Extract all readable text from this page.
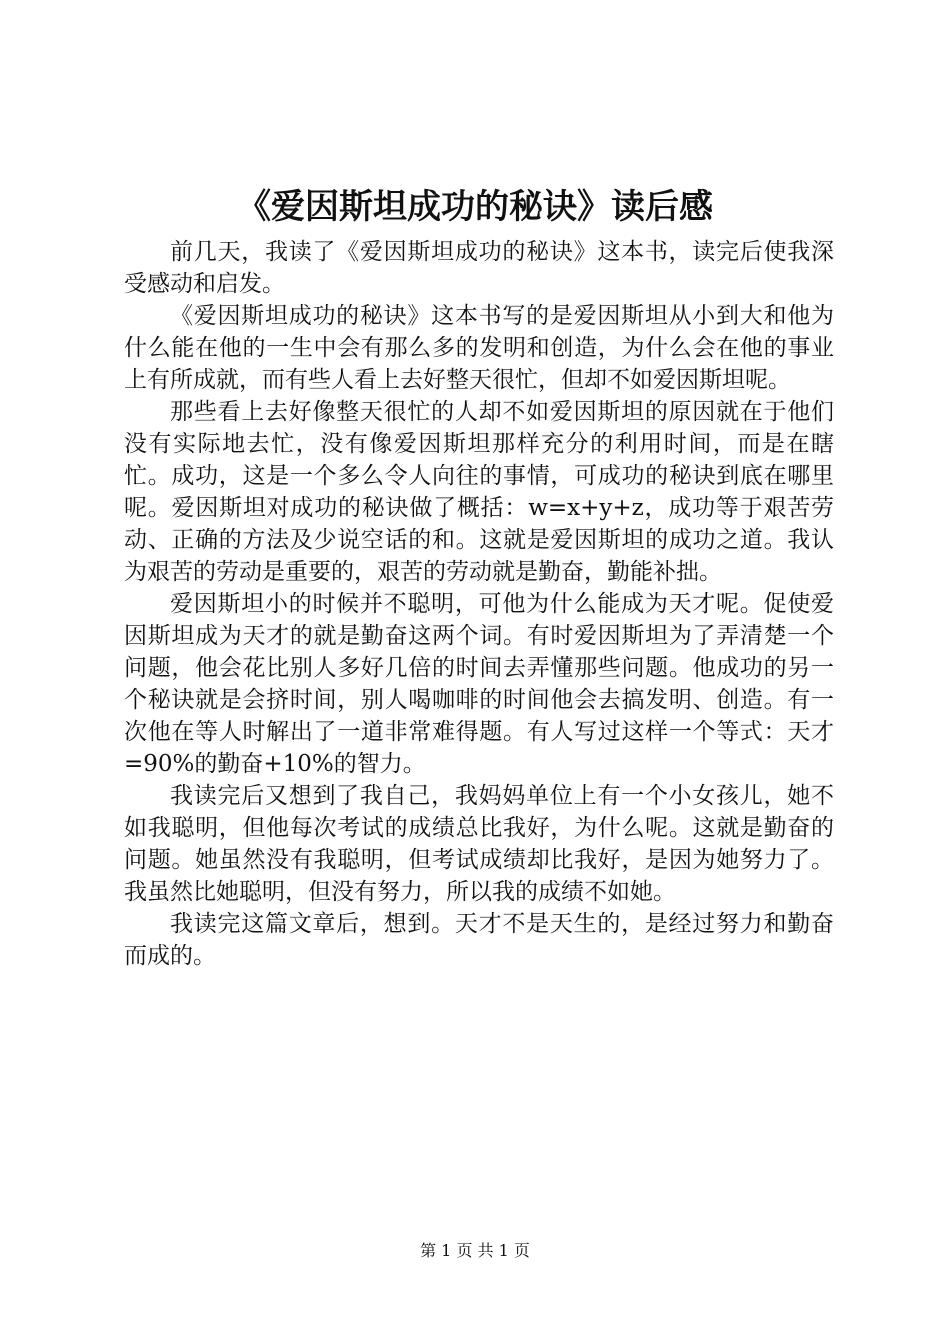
《爱因斯坦成功的秘诀》读后感

前几天，我读了《爱因斯坦成功的秘诀》这本书，读完后使我深受感动和启发。

《爱因斯坦成功的秘诀》这本书写的是爱因斯坦从小到大和他为什么能在他的一生中会有那么多的发明和创造，为什么会在他的事业上有所成就，而有些人看上去好整天很忙，但却不如爱因斯坦呢。

那些看上去好像整天很忙的人却不如爱因斯坦的原因就在于他们没有实际地去忙，没有像爱因斯坦那样充分的利用时间，而是在瞎忙。成功，这是一个多么令人向往的事情，可成功的秘诀到底在哪里呢。爱因斯坦对成功的秘诀做了概括：w=x+y+z，成功等于艰苦劳动、正确的方法及少说空话的和。这就是爱因斯坦的成功之道。我认为艰苦的劳动是重要的，艰苦的劳动就是勤奋，勤能补拙。

爱因斯坦小的时候并不聪明，可他为什么能成为天才呢。促使爱因斯坦成为天才的就是勤奋这两个词。有时爱因斯坦为了弄清楚一个问题，他会花比别人多好几倍的时间去弄懂那些问题。他成功的另一个秘诀就是会挤时间，别人喝咖啡的时间他会去搞发明、创造。有一次他在等人时解出了一道非常难得题。有人写过这样一个等式：天才=90%的勤奋+10%的智力。

我读完后又想到了我自己，我妈妈单位上有一个小女孩儿，她不如我聪明，但他每次考试的成绩总比我好，为什么呢。这就是勤奋的问题。她虽然没有我聪明，但考试成绩却比我好，是因为她努力了。我虽然比她聪明，但没有努力，所以我的成绩不如她。

我读完这篇文章后，想到。天才不是天生的，是经过努力和勤奋而成的。

第 1 页 共 1 页
